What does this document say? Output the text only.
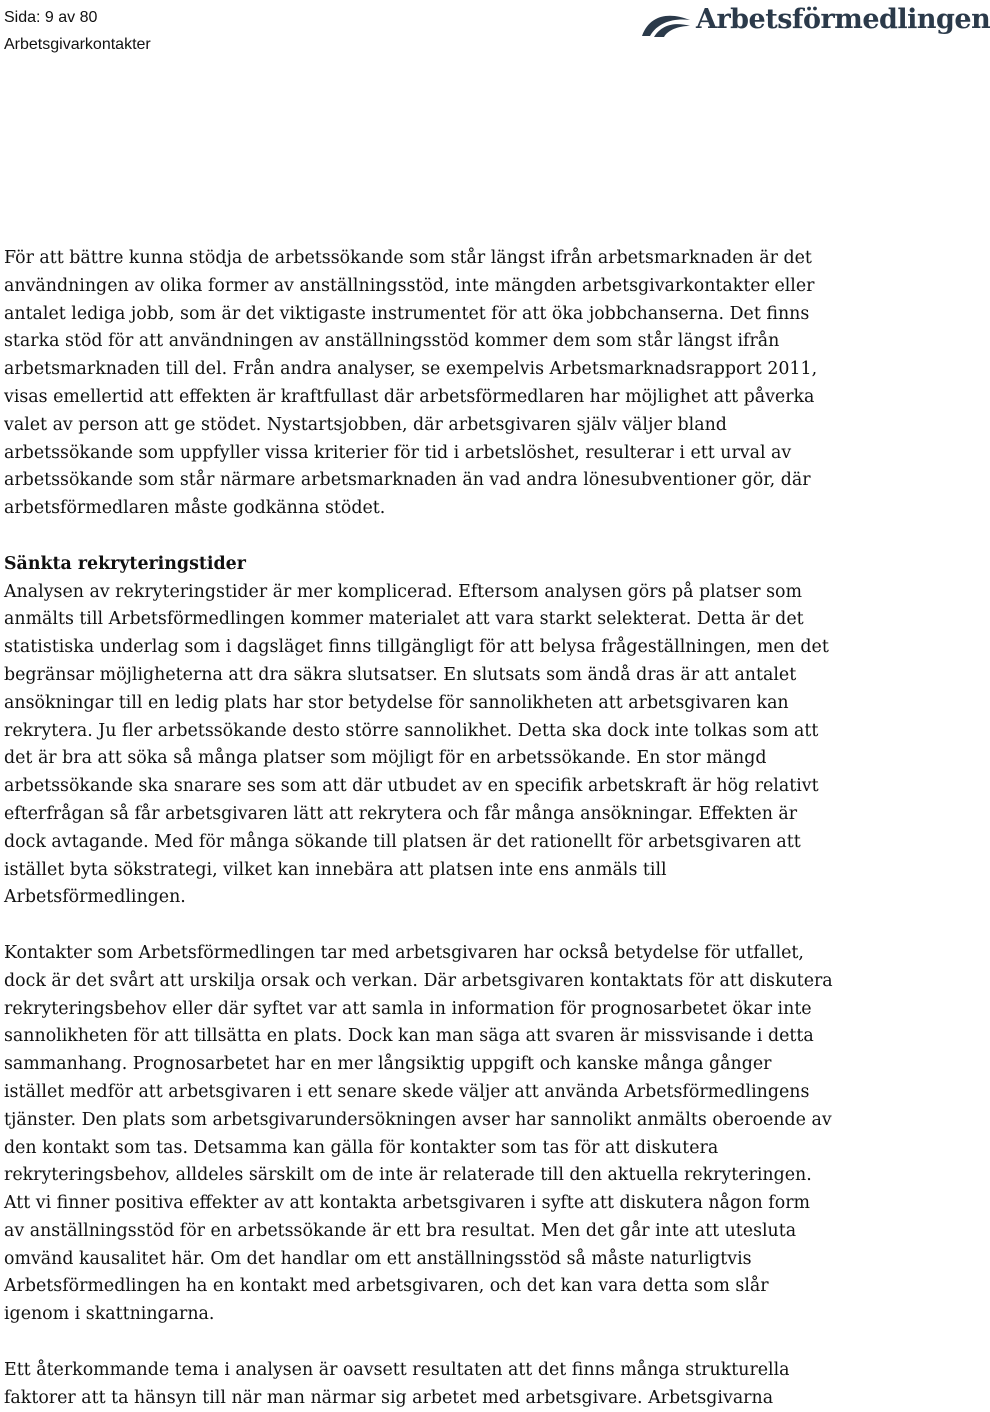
Sida: 9 av 80
Arbetsgivarkontakter
Arbetsförmedlingen

För att bättre kunna stödja de arbetssökande som står längst ifrån arbetsmarknaden är det användningen av olika former av anställningsstöd, inte mängden arbetsgivarkontakter eller antalet lediga jobb, som är det viktigaste instrumentet för att öka jobbchanserna. Det finns starka stöd för att användningen av anställningsstöd kommer dem som står längst ifrån arbetsmarknaden till del. Från andra analyser, se exempelvis Arbetsmarknadsrapport 2011, visas emellertid att effekten är kraftfullast där arbetsförmedlaren har möjlighet att påverka valet av person att ge stödet. Nystartsjobben, där arbetsgivaren själv väljer bland arbetssökande som uppfyller vissa kriterier för tid i arbetslöshet, resulterar i ett urval av arbetssökande som står närmare arbetsmarknaden än vad andra lönesubventioner gör, där arbetsförmedlaren måste godkänna stödet.

Sänkta rekryteringstider

Analysen av rekryteringstider är mer komplicerad. Eftersom analysen görs på platser som anmälts till Arbetsförmedlingen kommer materialet att vara starkt selekterat. Detta är det statistiska underlag som i dagsläget finns tillgängligt för att belysa frågeställningen, men det begränsar möjligheterna att dra säkra slutsatser. En slutsats som ändå dras är att antalet ansökningar till en ledig plats har stor betydelse för sannolikheten att arbetsgivaren kan rekrytera. Ju fler arbetssökande desto större sannolikhet. Detta ska dock inte tolkas som att det är bra att söka så många platser som möjligt för en arbetssökande. En stor mängd arbetssökande ska snarare ses som att där utbudet av en specifik arbetskraft är hög relativt efterfrågan så får arbetsgivaren lätt att rekrytera och får många ansökningar. Effekten är dock avtagande. Med för många sökande till platsen är det rationellt för arbetsgivaren att istället byta sökstrategi, vilket kan innebära att platsen inte ens anmäls till Arbetsförmedlingen.

Kontakter som Arbetsförmedlingen tar med arbetsgivaren har också betydelse för utfallet, dock är det svårt att urskilja orsak och verkan. Där arbetsgivaren kontaktats för att diskutera rekryteringsbehov eller där syftet var att samla in information för prognosarbetet ökar inte sannolikheten för att tillsätta en plats. Dock kan man säga att svaren är missvisande i detta sammanhang. Prognosarbetet har en mer långsiktig uppgift och kanske många gånger istället medför att arbetsgivaren i ett senare skede väljer att använda Arbetsförmedlingens tjänster. Den plats som arbetsgivarundersökningen avser har sannolikt anmälts oberoende av den kontakt som tas. Detsamma kan gälla för kontakter som tas för att diskutera rekryteringsbehov, alldeles särskilt om de inte är relaterade till den aktuella rekryteringen. Att vi finner positiva effekter av att kontakta arbetsgivaren i syfte att diskutera någon form av anställningsstöd för en arbetssökande är ett bra resultat. Men det går inte att utesluta omvänd kausalitet här. Om det handlar om ett anställningsstöd så måste naturligtvis Arbetsförmedlingen ha en kontakt med arbetsgivaren, och det kan vara detta som slår igenom i skattningarna.

Ett återkommande tema i analysen är oavsett resultaten att det finns många strukturella faktorer att ta hänsyn till när man närmar sig arbetet med arbetsgivare. Arbetsgivarna
